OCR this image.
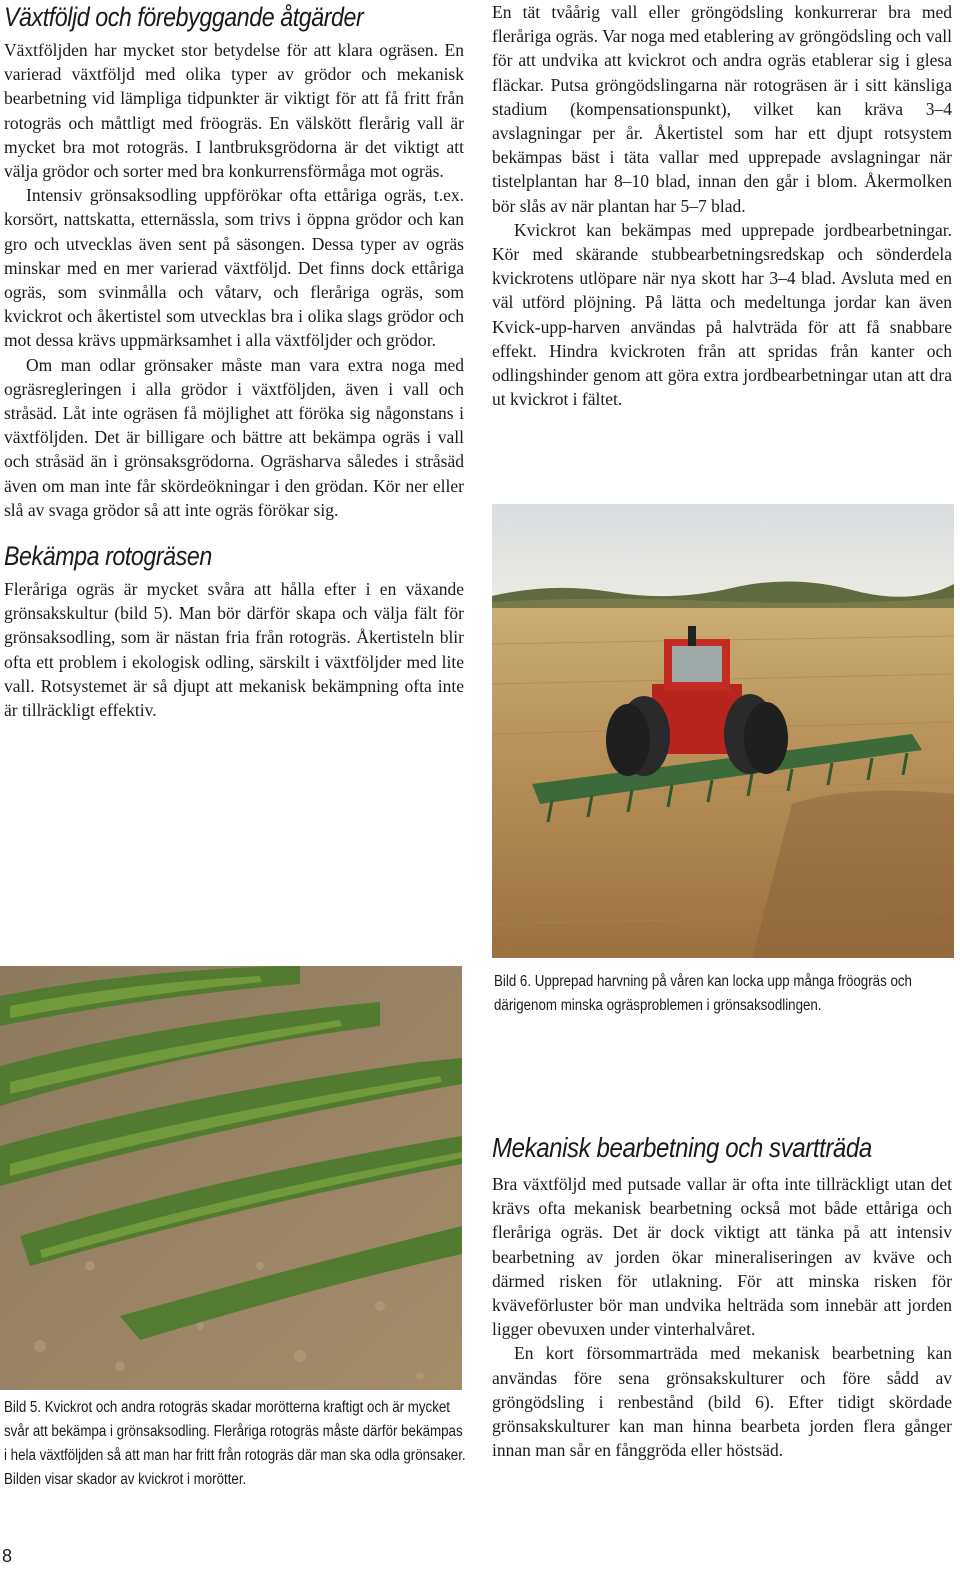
Växtföljd och förebyggande åtgärder

Växtföljden har mycket stor betydelse för att klara ogräsen. En varierad växtföljd med olika typer av grödor och mekanisk bearbetning vid lämpliga tidpunkter är viktigt för att få fritt från rotogräs och måttligt med fröogräs. En välskött flerårig vall är mycket bra mot rotogräs. I lantbruksgrödorna är det viktigt att välja grödor och sorter med bra konkurrensförmåga mot ogräs.

Intensiv grönsaksodling uppförökar ofta ettåriga ogräs, t.ex. korsört, nattskatta, etternässla, som trivs i öppna grödor och kan gro och utvecklas även sent på säsongen. Dessa typer av ogräs minskar med en mer varierad växtföljd. Det finns dock ettåriga ogräs, som svinmålla och våtarv, och fleråriga ogräs, som kvickrot och åkertistel som utvecklas bra i olika slags grödor och mot dessa krävs uppmärksamhet i alla växtföljder och grödor.

Om man odlar grönsaker måste man vara extra noga med ogräsregleringen i alla grödor i växtföljden, även i vall och stråsäd. Låt inte ogräsen få möjlighet att föröka sig någonstans i växtföljden. Det är billigare och bättre att bekämpa ogräs i vall och stråsäd än i grönsaksgrödorna. Ogräsharva således i stråsäd även om man inte får skördeökningar i den grödan. Kör ner eller slå av svaga grödor så att inte ogräs förökar sig.

Bekämpa rotogräsen

Fleråriga ogräs är mycket svåra att hålla efter i en växande grönsakskultur (bild 5). Man bör därför skapa och välja fält för grönsaksodling, som är nästan fria från rotogräs. Åkertisteln blir ofta ett problem i ekologisk odling, särskilt i växtföljder med lite vall. Rotsystemet är så djupt att mekanisk bekämpning ofta inte är tillräckligt effektiv.

En tät tvåårig vall eller gröngödsling konkurrerar bra med fleråriga ogräs. Var noga med etablering av gröngödsling och vall för att undvika att kvickrot och andra ogräs etablerar sig i glesa fläckar. Putsa gröngödslingarna när rotogräsen är i sitt känsliga stadium (kompensationspunkt), vilket kan kräva 3–4 avslagningar per år. Åkertistel som har ett djupt rotsystem bekämpas bäst i täta vallar med upprepade avslagningar när tistelplantan har 8–10 blad, innan den går i blom. Åkermolken bör slås av när plantan har 5–7 blad.

Kvickrot kan bekämpas med upprepade jordbearbetningar. Kör med skärande stubbearbetningsredskap och sönderdela kvickrotens utlöpare när nya skott har 3–4 blad. Avsluta med en väl utförd plöjning. På lätta och medeltunga jordar kan även Kvick-upp-harven användas på halvträda för att få snabbare effekt. Hindra kvickroten från att spridas från kanter och odlingshinder genom att göra extra jordbearbetningar utan att dra ut kvickrot i fältet.

Bild 6. Upprepad harvning på våren kan locka upp många fröogräs och därigenom minska ogräsproblemen i grönsaksodlingen.

Bild 5. Kvickrot och andra rotogräs skadar morötterna kraftigt och är mycket svår att bekämpa i grönsaksodling. Fleråriga rotogräs måste därför bekämpas i hela växtföljden så att man har fritt från rotogräs där man ska odla grönsaker. Bilden visar skador av kvickrot i morötter.

Mekanisk bearbetning och svartträda

Bra växtföljd med putsade vallar är ofta inte tillräckligt utan det krävs ofta mekanisk bearbetning också mot både ettåriga och fleråriga ogräs. Det är dock viktigt att tänka på att intensiv bearbetning av jorden ökar mineraliseringen av kväve och därmed risken för utlakning. För att minska risken för kväveförluster bör man undvika helträda som innebär att jorden ligger obevuxen under vinterhalvåret.

En kort försommarträda med mekanisk bearbetning kan användas före sena grönsakskulturer och före sådd av gröngödsling i renbestånd (bild 6). Efter tidigt skördade grönsakskulturer kan man hinna bearbeta jorden flera gånger innan man sår en fånggröda eller höstsäd.

8
